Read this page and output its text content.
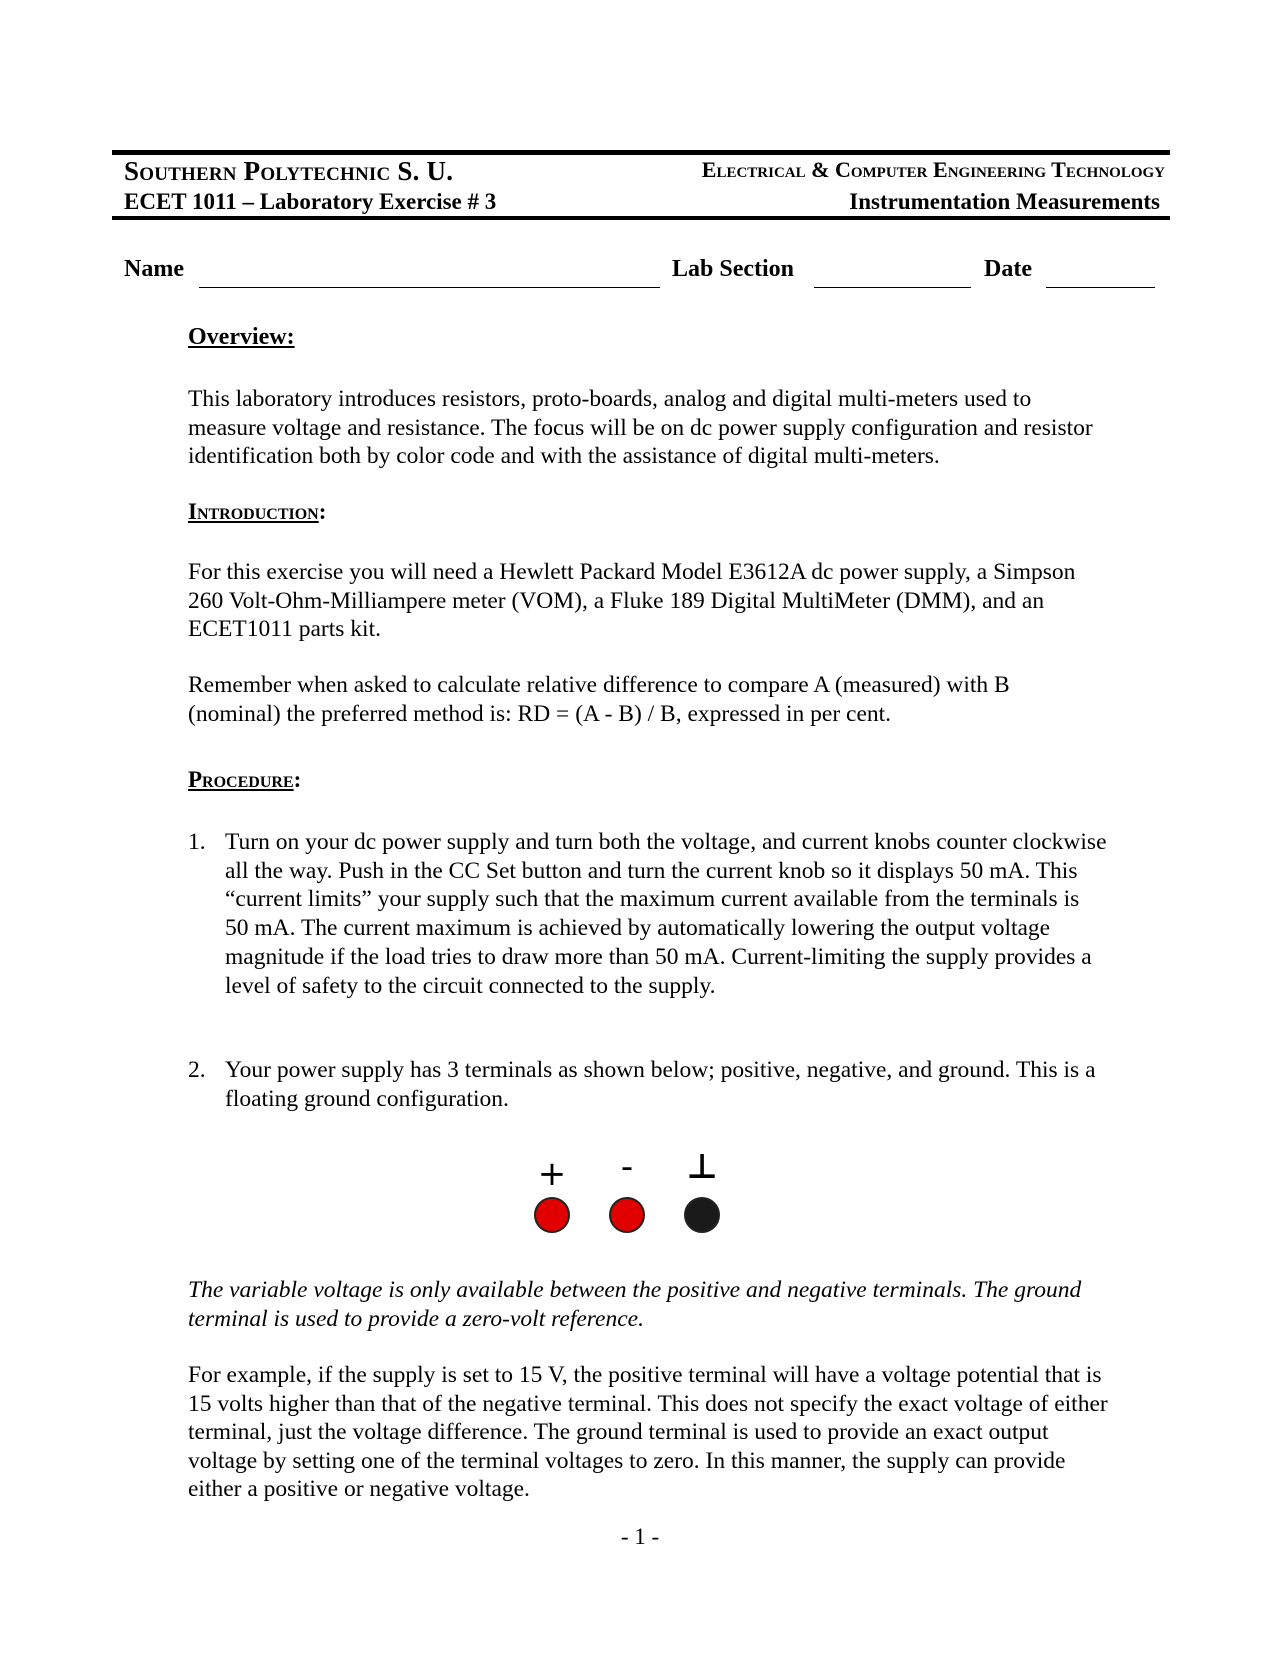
Southern Polytechnic S. U.	Electrical & Computer Engineering Technology
ECET 1011 – Laboratory Exercise # 3	Instrumentation Measurements
Name	Lab Section	Date
Overview:

This laboratory introduces resistors, proto-boards, analog and digital multi-meters used to measure voltage and resistance. The focus will be on dc power supply configuration and resistor identification both by color code and with the assistance of digital multi-meters.

Introduction:

For this exercise you will need a Hewlett Packard Model E3612A dc power supply, a Simpson 260 Volt-Ohm-Milliampere meter (VOM), a Fluke 189 Digital MultiMeter (DMM), and an ECET1011 parts kit.

Remember when asked to calculate relative difference to compare A (measured) with B (nominal) the preferred method is: RD = (A - B) / B, expressed in per cent.

Procedure:
1. Turn on your dc power supply and turn both the voltage, and current knobs counter clockwise all the way. Push in the CC Set button and turn the current knob so it displays 50 mA. This “current limits” your supply such that the maximum current available from the terminals is 50 mA. The current maximum is achieved by automatically lowering the output voltage magnitude if the load tries to draw more than 50 mA. Current-limiting the supply provides a level of safety to the circuit connected to the supply.
2. Your power supply has 3 terminals as shown below; positive, negative, and ground. This is a floating ground configuration.
+	-	⊥

The variable voltage is only available between the positive and negative terminals. The ground terminal is used to provide a zero-volt reference.

For example, if the supply is set to 15 V, the positive terminal will have a voltage potential that is 15 volts higher than that of the negative terminal. This does not specify the exact voltage of either terminal, just the voltage difference. The ground terminal is used to provide an exact output voltage by setting one of the terminal voltages to zero. In this manner, the supply can provide either a positive or negative voltage.

- 1 -
